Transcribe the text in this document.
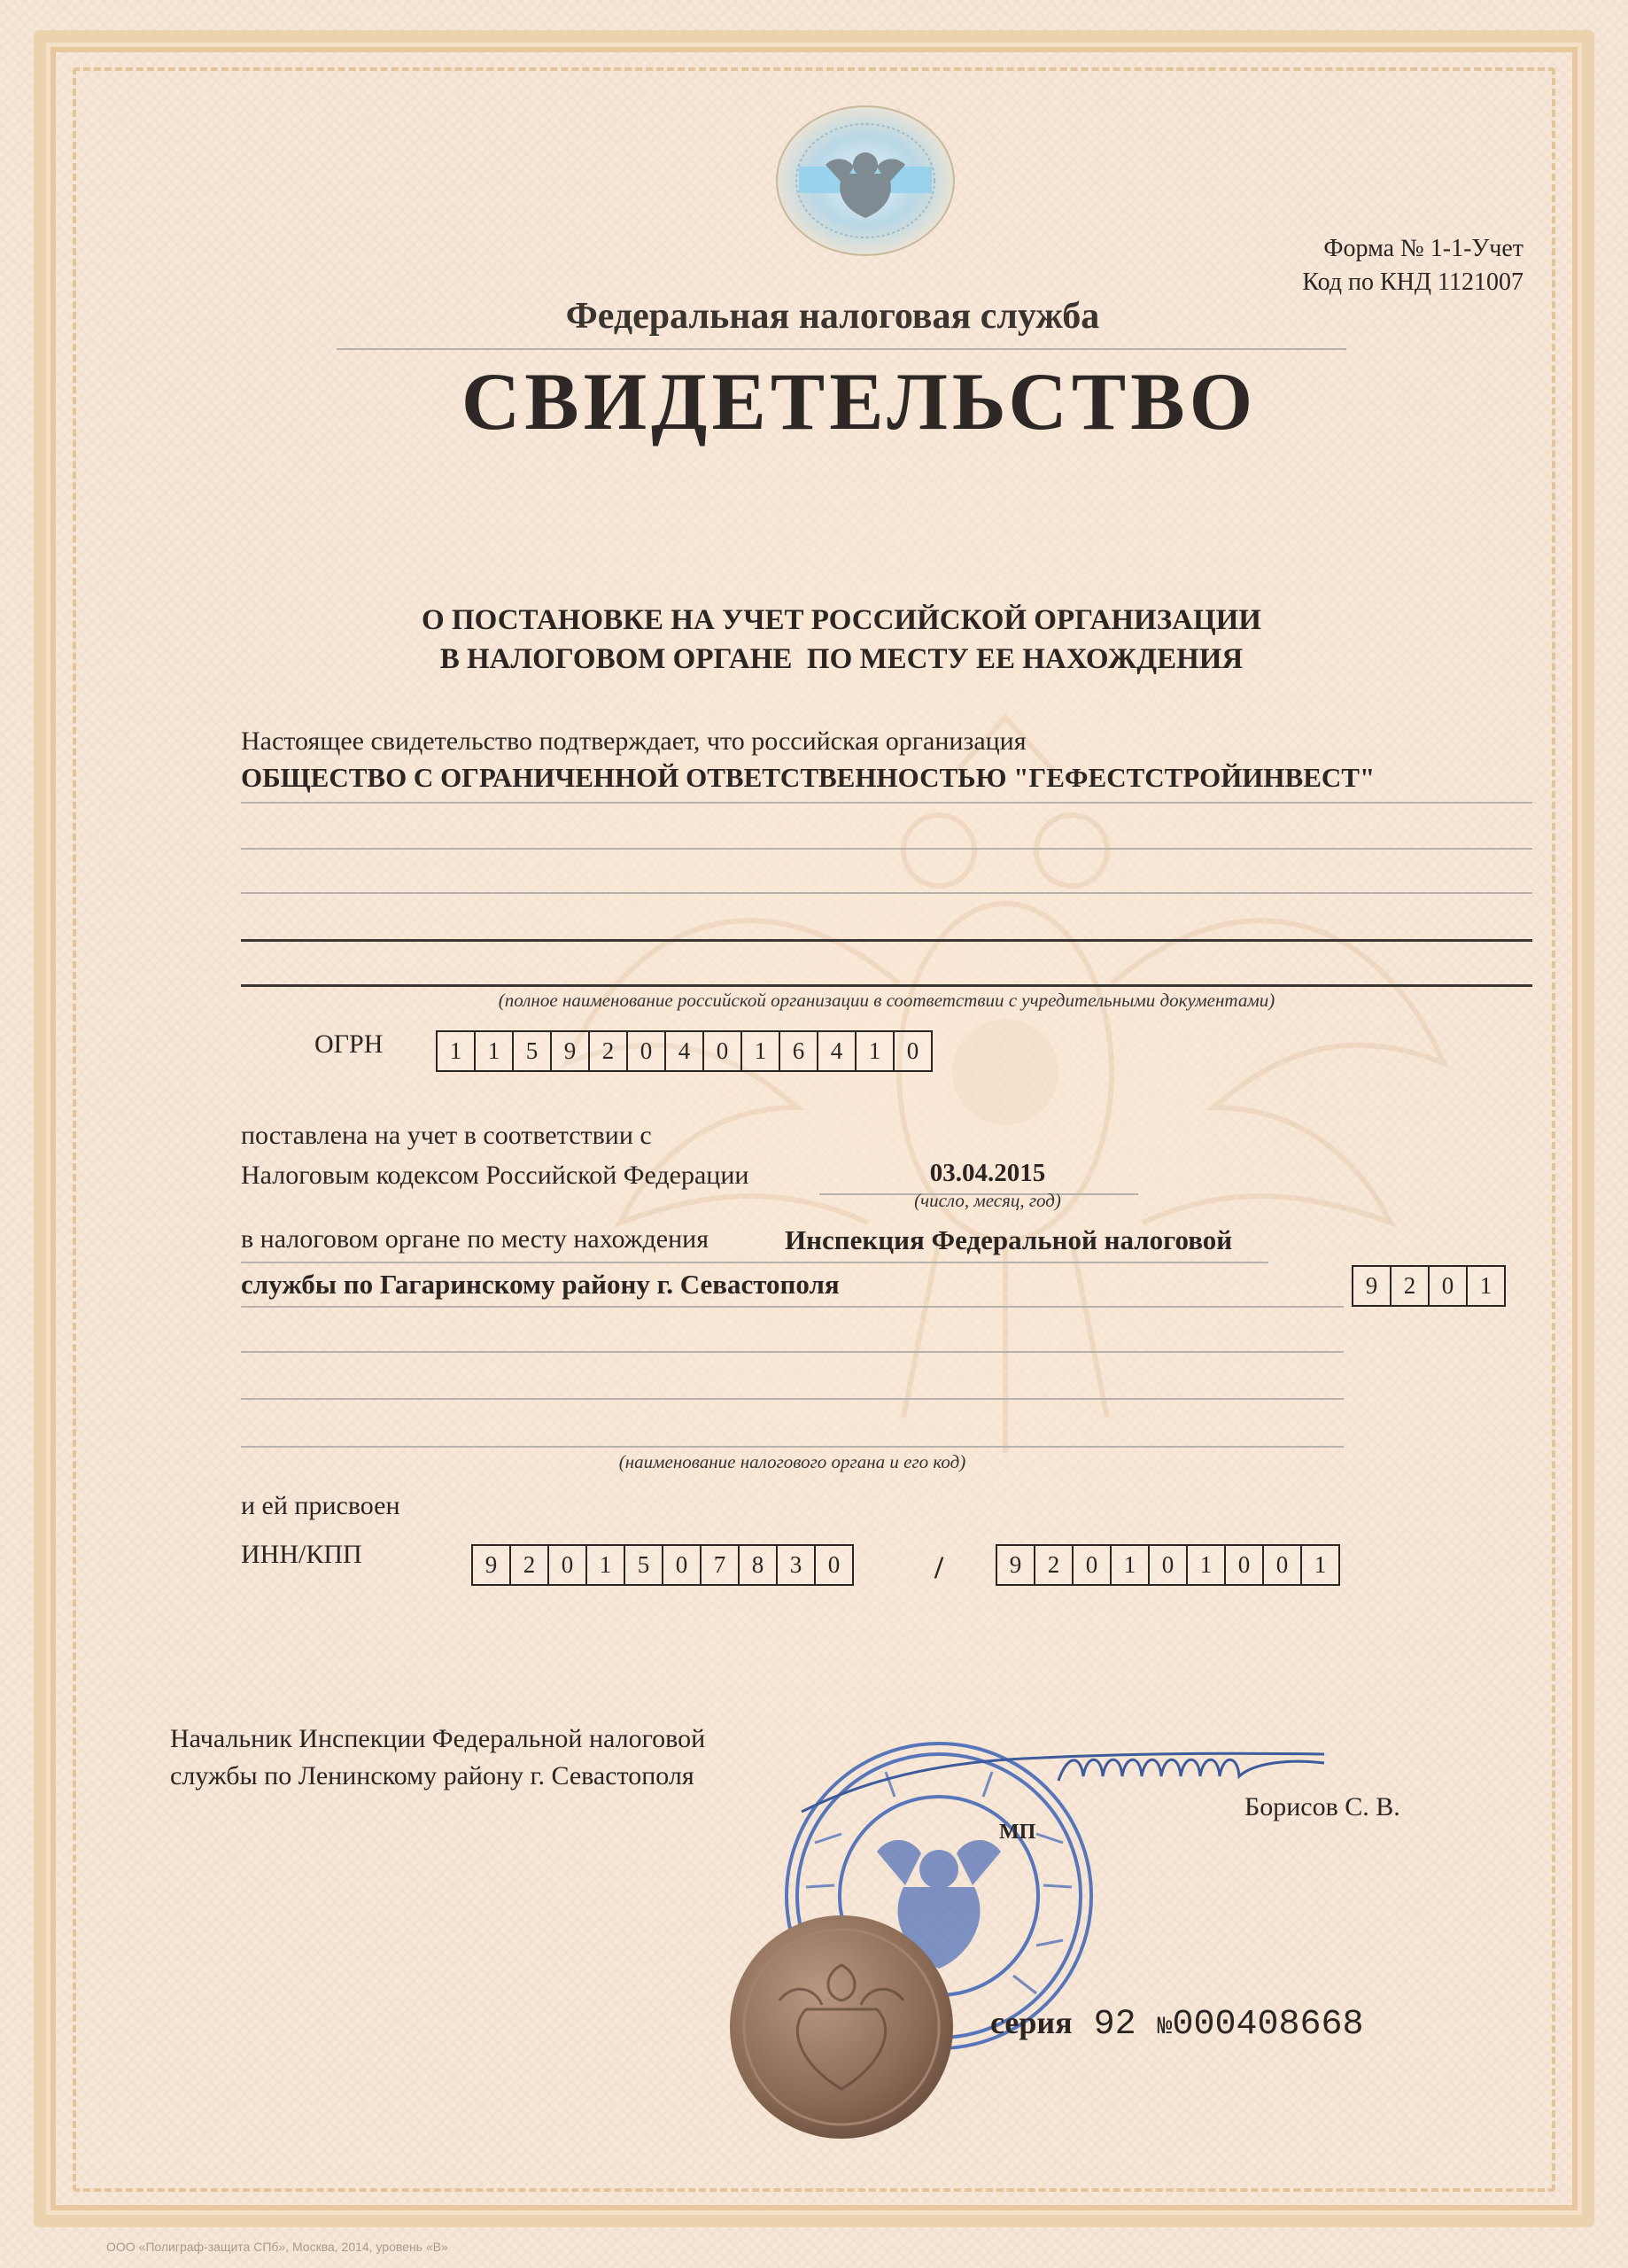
Форма № 1-1-Учет
Код по КНД 1121007
Федеральная налоговая служба
СВИДЕТЕЛЬСТВО
О ПОСТАНОВКЕ НА УЧЕТ РОССИЙСКОЙ ОРГАНИЗАЦИИ
В НАЛОГОВОМ ОРГАНЕ  ПО МЕСТУ ЕЕ НАХОЖДЕНИЯ
Настоящее свидетельство подтверждает, что российская организация
ОБЩЕСТВО С ОГРАНИЧЕННОЙ ОТВЕТСТВЕННОСТЬЮ "ГЕФЕСТСТРОЙИНВЕСТ"
(полное наименование российской организации в соответствии с учредительными документами)
ОГРН	1	1	5	9	2	0	4	0	1	6	4	1	0
поставлена на учет в соответствии с
Налоговым кодексом Российской Федерации	03.04.2015
(число, месяц, год)
в налоговом органе по месту нахождения	Инспекция Федеральной налоговой
службы по Гагаринскому району г. Севастополя	9	2	0	1
(наименование налогового органа и его код)
и ей присвоен
ИНН/КПП	9	2	0	1	5	0	7	8	3	0	/	9	2	0	1	0	1	0	0	1
Начальник Инспекции Федеральной налоговой
службы по Ленинскому району г. Севастополя
Борисов С. В.
МП
серия 92 №000408668
ООО «Полиграф-защита СПб», Москва, 2014, уровень «В»
